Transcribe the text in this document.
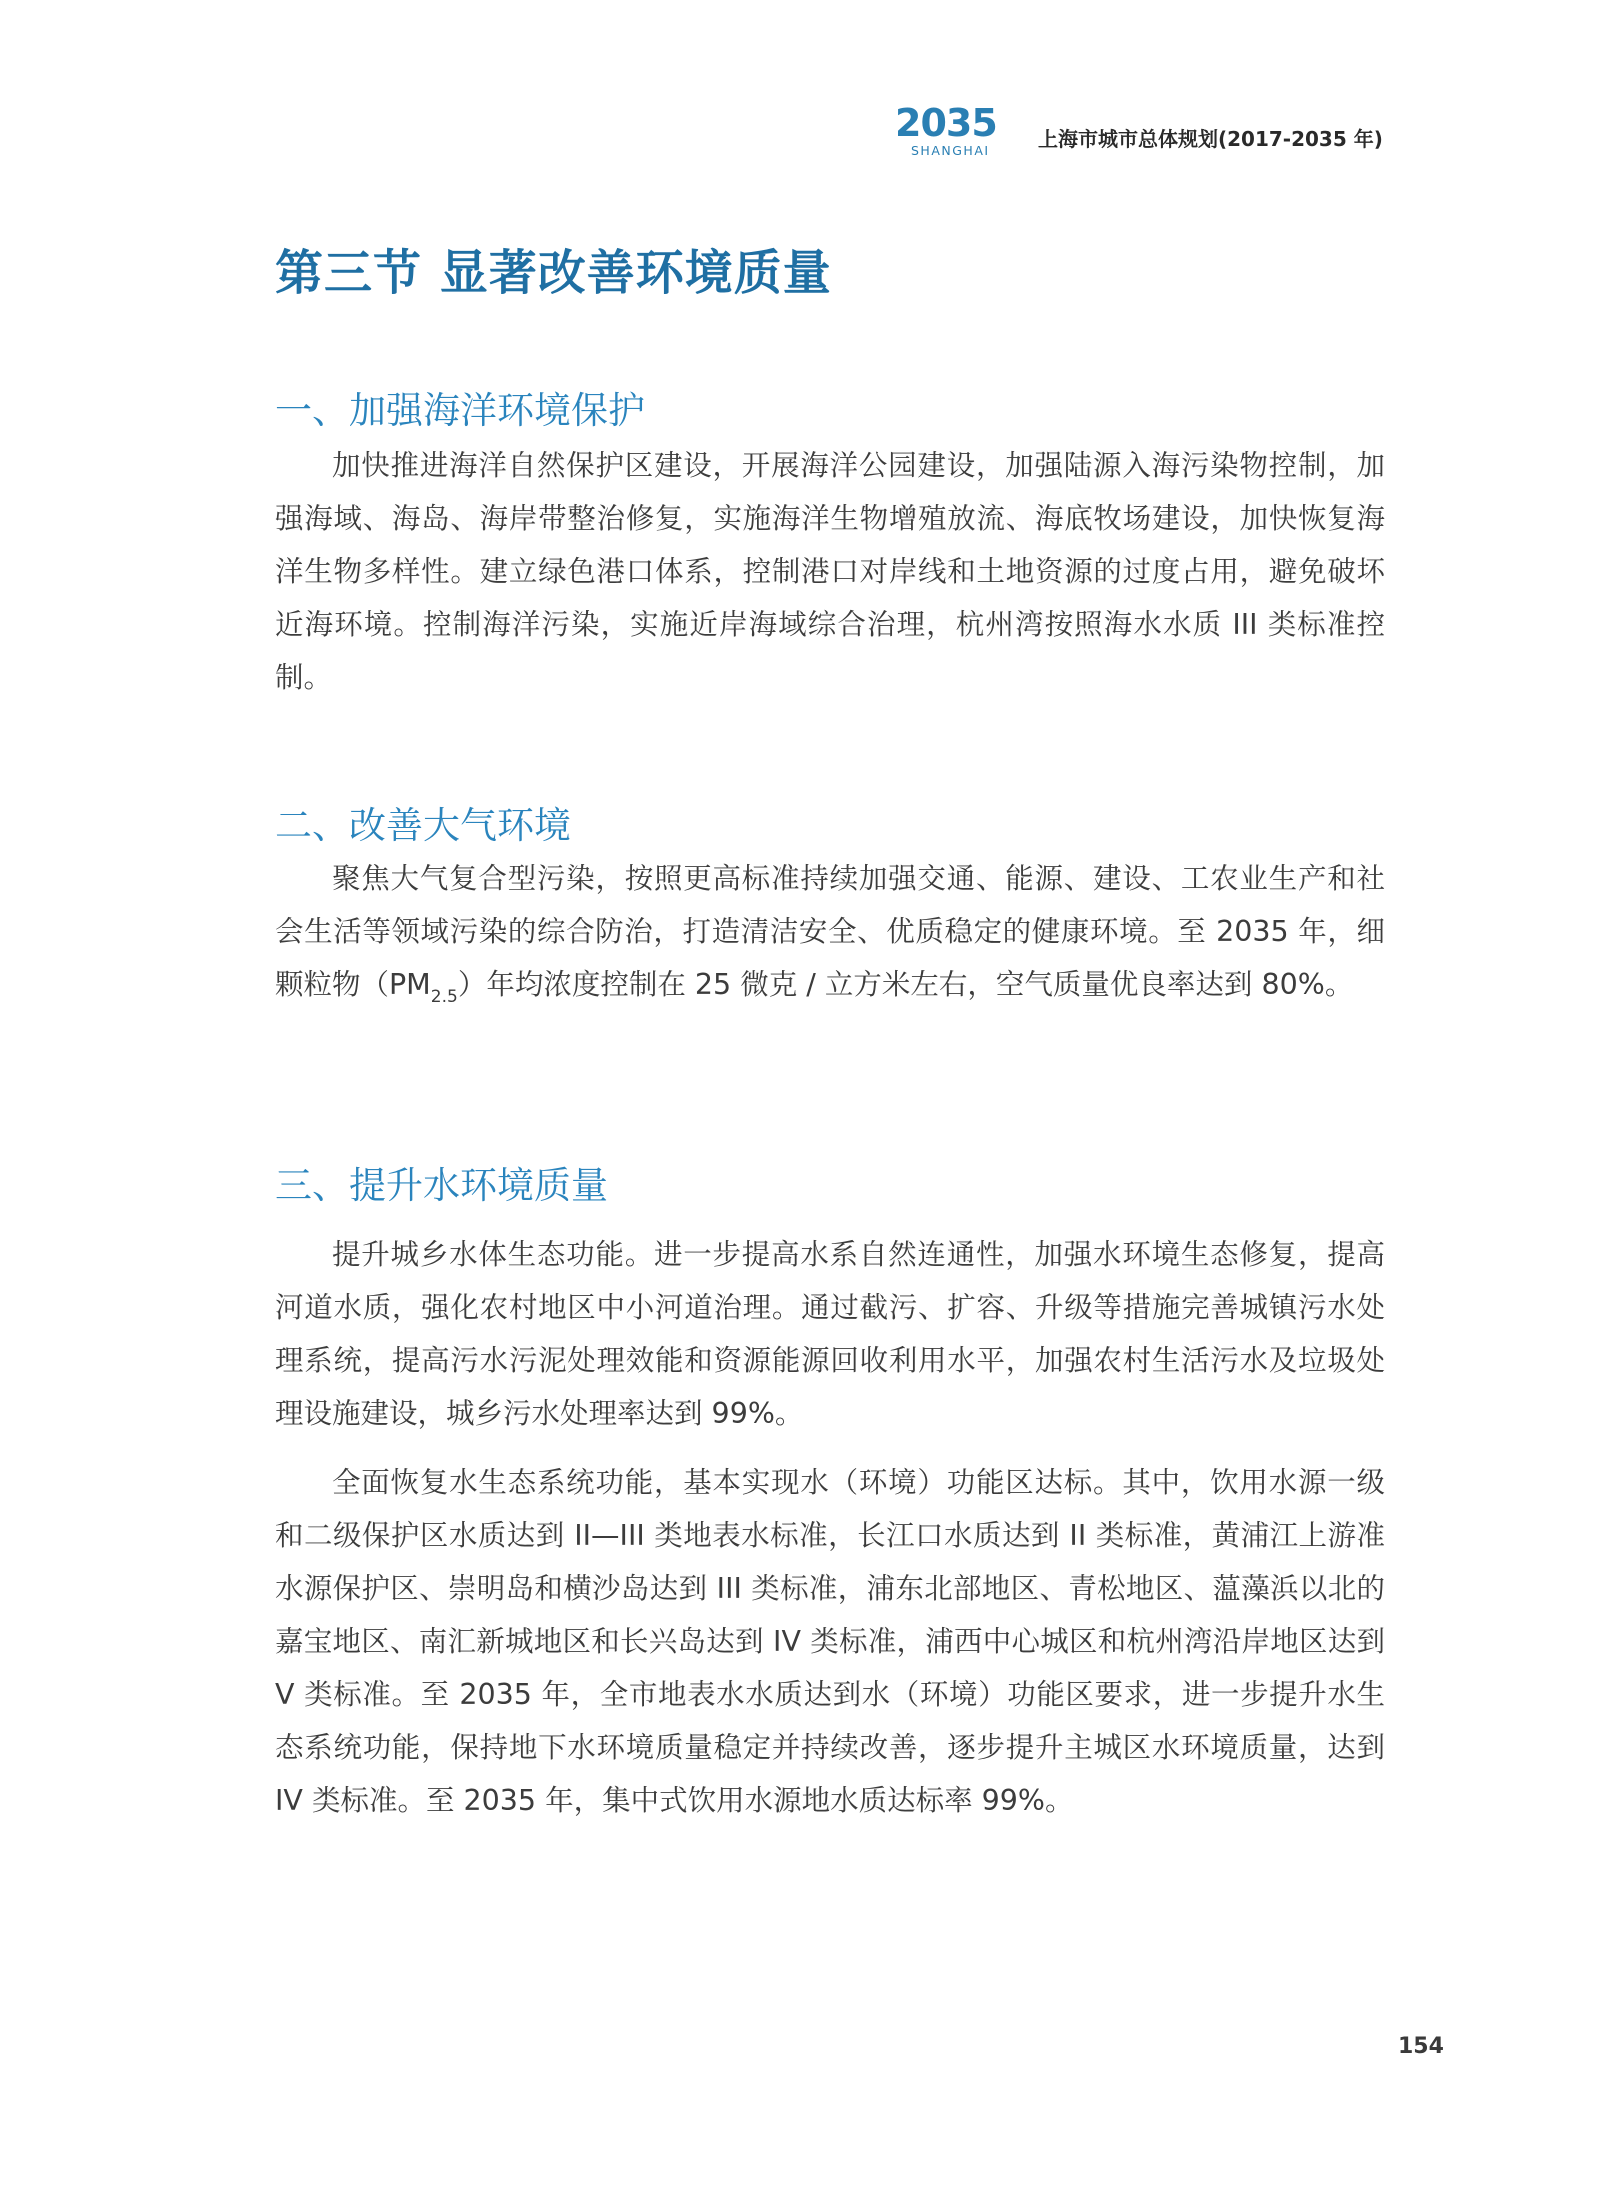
2035
SHANGHAI 上海市城市总体规划(2017-2035 年)
第三节 显著改善环境质量
一、加强海洋环境保护

加快推进海洋自然保护区建设，开展海洋公园建设，加强陆源入海污染物控制，加强海域、海岛、海岸带整治修复，实施海洋生物增殖放流、海底牧场建设，加快恢复海洋生物多样性。建立绿色港口体系，控制港口对岸线和土地资源的过度占用，避免破坏近海环境。控制海洋污染，实施近岸海域综合治理，杭州湾按照海水水质 III 类标准控制。

二、改善大气环境

聚焦大气复合型污染，按照更高标准持续加强交通、能源、建设、工农业生产和社会生活等领域污染的综合防治，打造清洁安全、优质稳定的健康环境。至 2035 年，细颗粒物$(PM_{2.5})$年均浓度控制在 25 微克 / 立方米左右，空气质量优良率达到 80%。

三、提升水环境质量

提升城乡水体生态功能。进一步提高水系自然连通性，加强水环境生态修复，提高河道水质，强化农村地区中小河道治理。通过截污、扩容、升级等措施完善城镇污水处理系统，提高污水污泥处理效能和资源能源回收利用水平，加强农村生活污水及垃圾处理设施建设，城乡污水处理率达到 99%。

全面恢复水生态系统功能，基本实现水（环境）功能区达标。其中，饮用水源一级和二级保护区水质达到 II—III 类地表水标准，长江口水质达到 II 类标准，黄浦江上游准水源保护区、崇明岛和横沙岛达到 III 类标准，浦东北部地区、青松地区、蕰藻浜以北的嘉宝地区、南汇新城地区和长兴岛达到 IV 类标准，浦西中心城区和杭州湾沿岸地区达到 V 类标准。至 2035 年，全市地表水水质达到水（环境）功能区要求，进一步提升水生态系统功能，保持地下水环境质量稳定并持续改善，逐步提升主城区水环境质量，达到 IV 类标准。至 2035 年，集中式饮用水源地水质达标率 99%。

154
